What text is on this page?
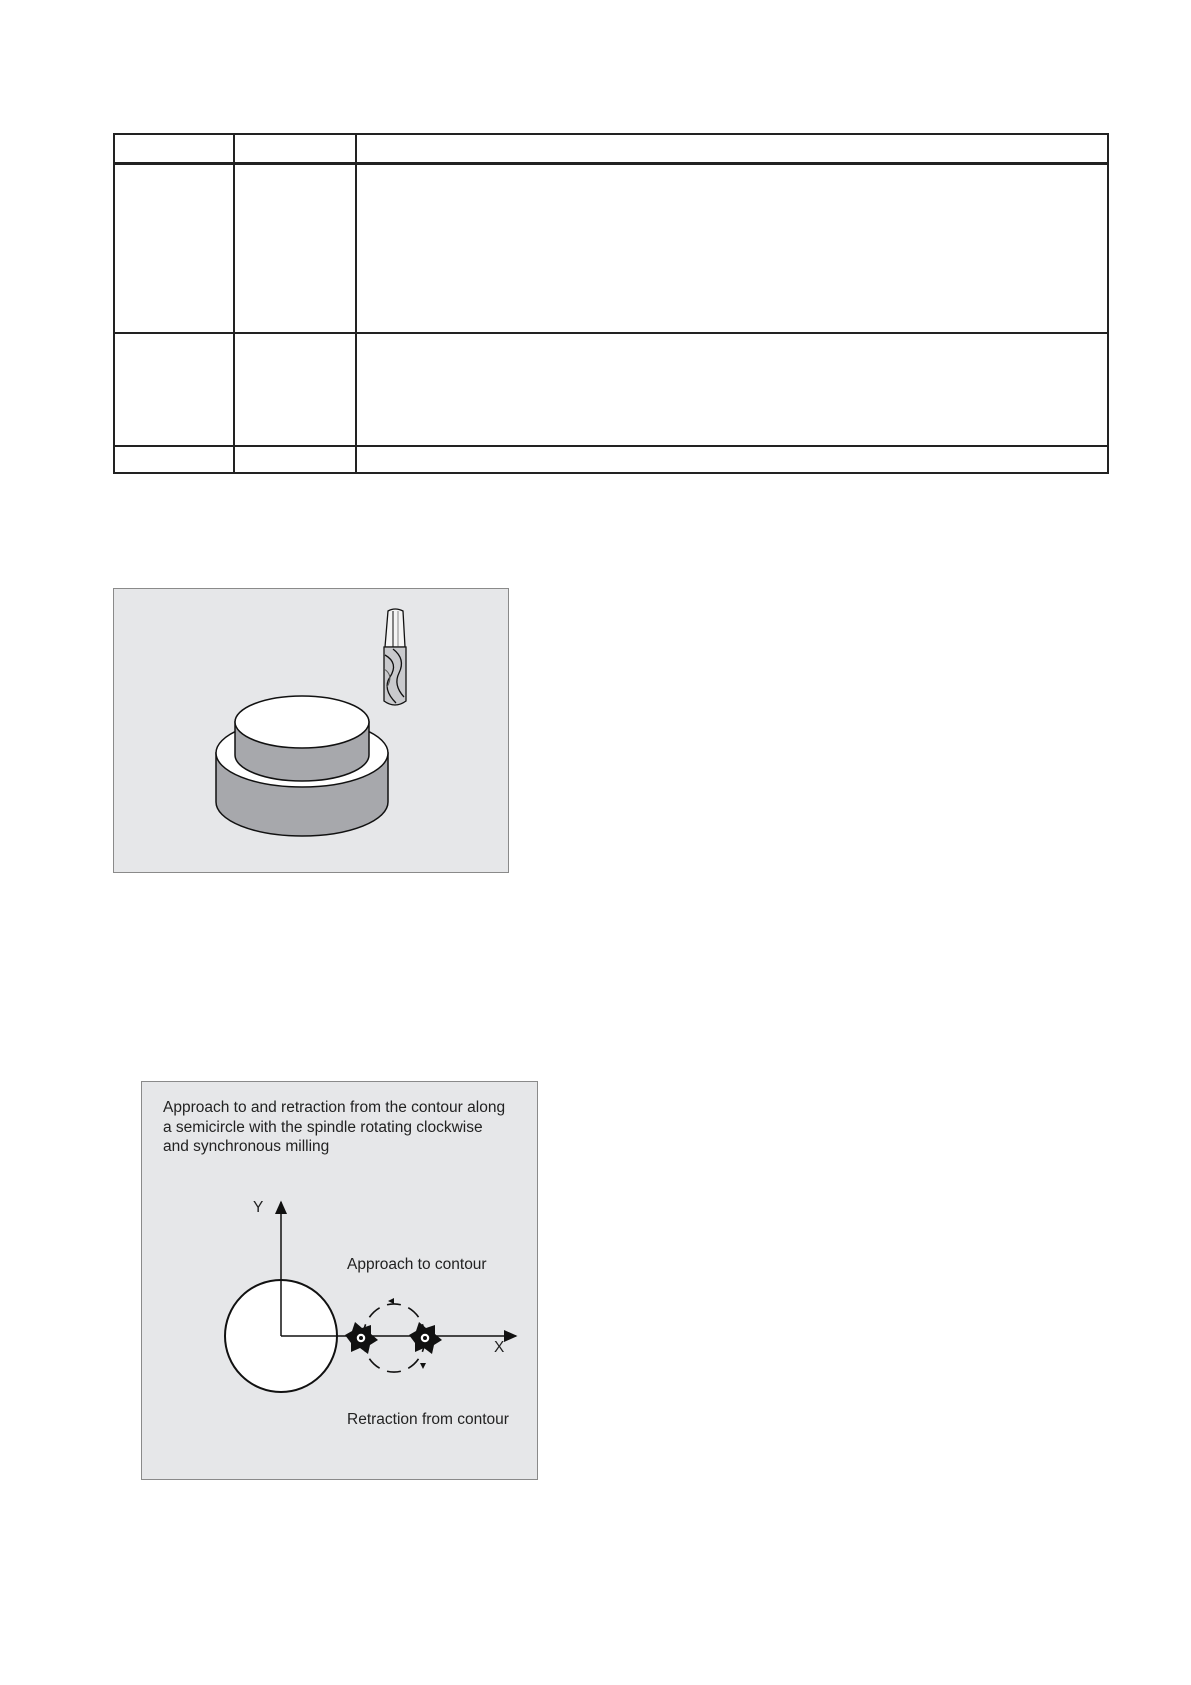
Approach to and retraction from the contour along
a semicircle with the spindle rotating clockwise
and synchronous milling
Y
X
Approach to contour
Retraction from contour
